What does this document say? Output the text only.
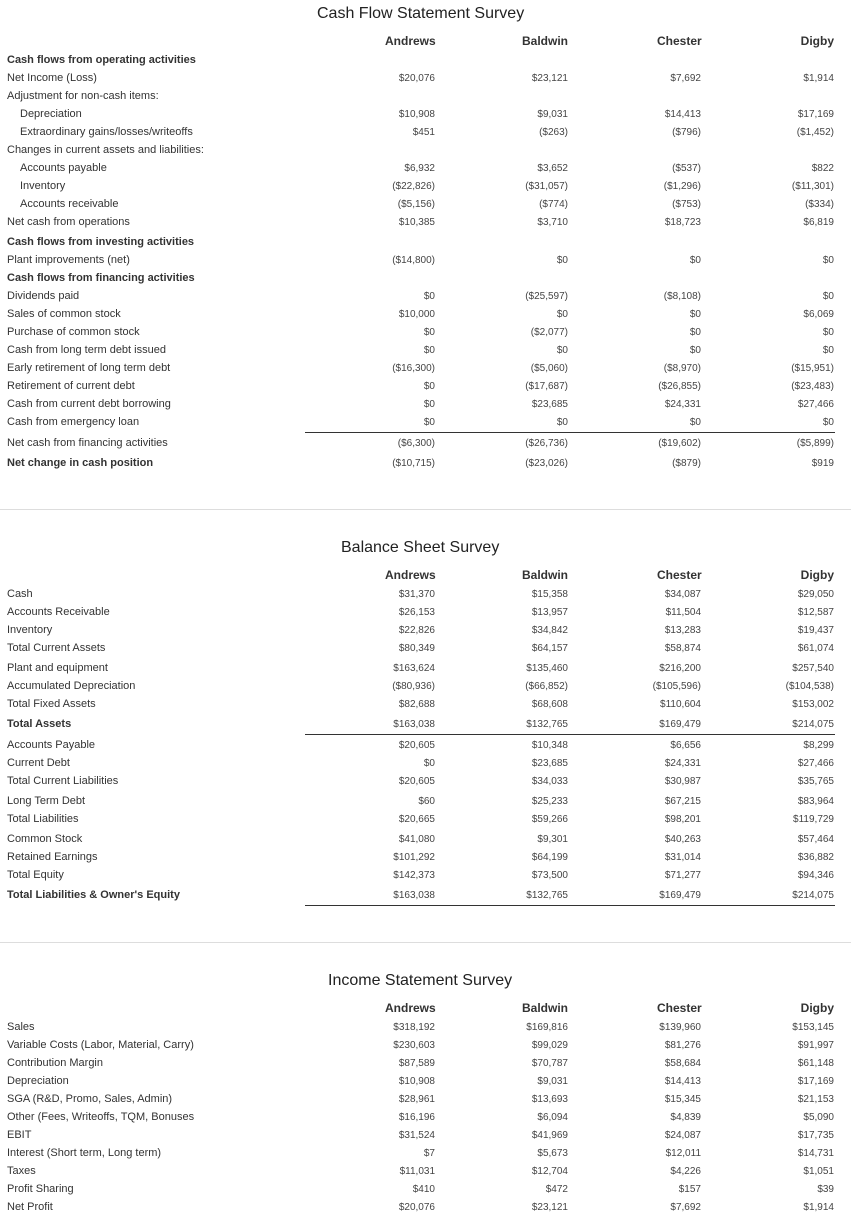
Cash Flow Statement Survey
Andrews	Baldwin	Chester	Digby
Cash flows from operating activities
Net Income (Loss)	$20,076	$23,121	$7,692	$1,914
Adjustment for non-cash items:
Depreciation	$10,908	$9,031	$14,413	$17,169
Extraordinary gains/losses/writeoffs	$451	($263)	($796)	($1,452)
Changes in current assets and liabilities:
Accounts payable	$6,932	$3,652	($537)	$822
Inventory	($22,826)	($31,057)	($1,296)	($11,301)
Accounts receivable	($5,156)	($774)	($753)	($334)
Net cash from operations	$10,385	$3,710	$18,723	$6,819
Cash flows from investing activities
Plant improvements (net)	($14,800)	$0	$0	$0
Cash flows from financing activities
Dividends paid	$0	($25,597)	($8,108)	$0
Sales of common stock	$10,000	$0	$0	$6,069
Purchase of common stock	$0	($2,077)	$0	$0
Cash from long term debt issued	$0	$0	$0	$0
Early retirement of long term debt	($16,300)	($5,060)	($8,970)	($15,951)
Retirement of current debt	$0	($17,687)	($26,855)	($23,483)
Cash from current debt borrowing	$0	$23,685	$24,331	$27,466
Cash from emergency loan	$0	$0	$0	$0
Net cash from financing activities	($6,300)	($26,736)	($19,602)	($5,899)
Net change in cash position	($10,715)	($23,026)	($879)	$919
Balance Sheet Survey
Andrews	Baldwin	Chester	Digby
Cash	$31,370	$15,358	$34,087	$29,050
Accounts Receivable	$26,153	$13,957	$11,504	$12,587
Inventory	$22,826	$34,842	$13,283	$19,437
Total Current Assets	$80,349	$64,157	$58,874	$61,074
Plant and equipment	$163,624	$135,460	$216,200	$257,540
Accumulated Depreciation	($80,936)	($66,852)	($105,596)	($104,538)
Total Fixed Assets	$82,688	$68,608	$110,604	$153,002
Total Assets	$163,038	$132,765	$169,479	$214,075
Accounts Payable	$20,605	$10,348	$6,656	$8,299
Current Debt	$0	$23,685	$24,331	$27,466
Total Current Liabilities	$20,605	$34,033	$30,987	$35,765
Long Term Debt	$60	$25,233	$67,215	$83,964
Total Liabilities	$20,665	$59,266	$98,201	$119,729
Common Stock	$41,080	$9,301	$40,263	$57,464
Retained Earnings	$101,292	$64,199	$31,014	$36,882
Total Equity	$142,373	$73,500	$71,277	$94,346
Total Liabilities & Owner's Equity	$163,038	$132,765	$169,479	$214,075
Income Statement Survey
Andrews	Baldwin	Chester	Digby
Sales	$318,192	$169,816	$139,960	$153,145
Variable Costs (Labor, Material, Carry)	$230,603	$99,029	$81,276	$91,997
Contribution Margin	$87,589	$70,787	$58,684	$61,148
Depreciation	$10,908	$9,031	$14,413	$17,169
SGA (R&D, Promo, Sales, Admin)	$28,961	$13,693	$15,345	$21,153
Other (Fees, Writeoffs, TQM, Bonuses	$16,196	$6,094	$4,839	$5,090
EBIT	$31,524	$41,969	$24,087	$17,735
Interest (Short term, Long term)	$7	$5,673	$12,011	$14,731
Taxes	$11,031	$12,704	$4,226	$1,051
Profit Sharing	$410	$472	$157	$39
Net Profit	$20,076	$23,121	$7,692	$1,914
